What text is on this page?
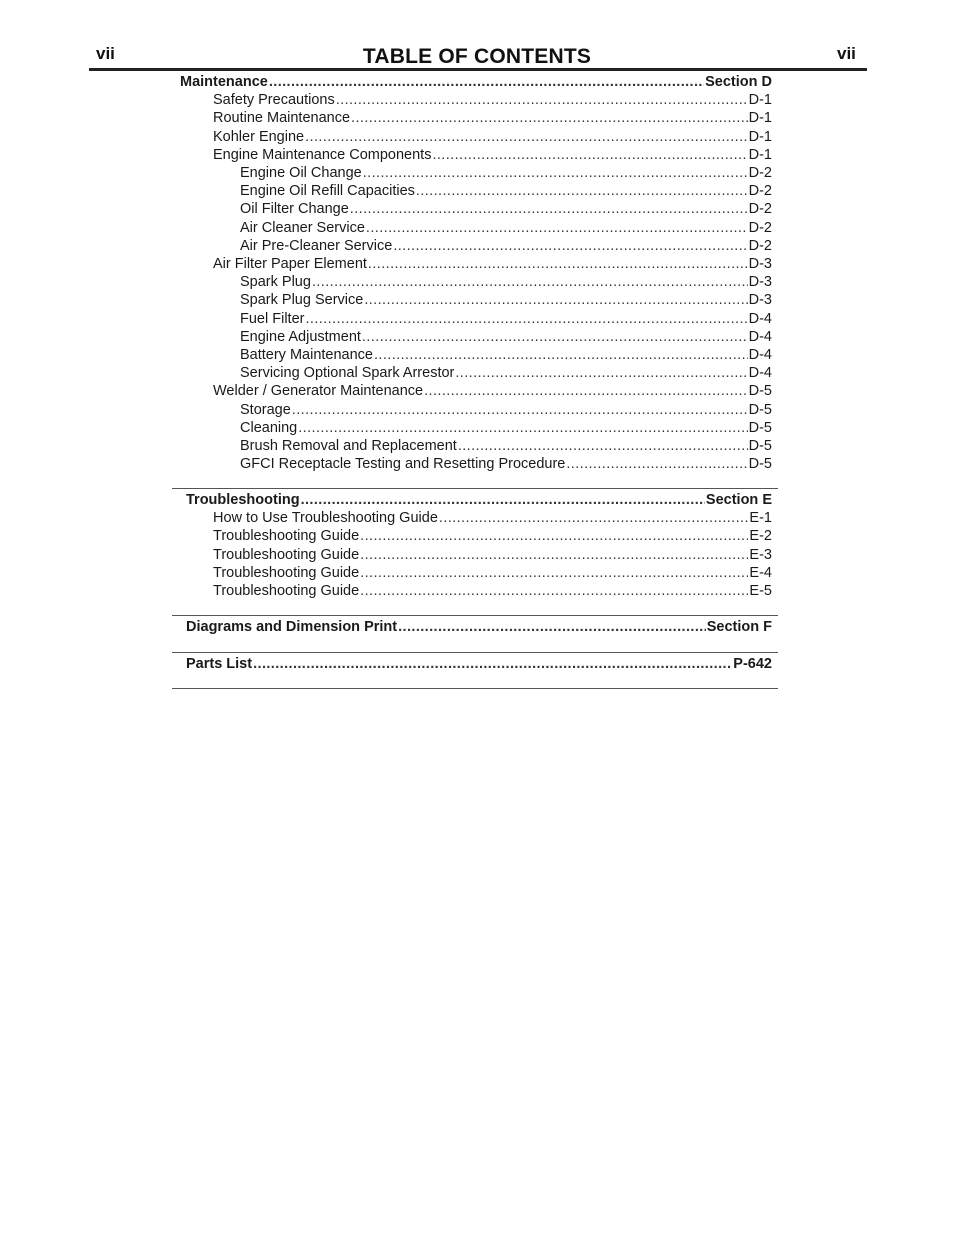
vii	TABLE OF CONTENTS	vii
Maintenance .....	Section D
Safety Precautions .....	D-1
Routine Maintenance .....	D-1
Kohler Engine .....	D-1
Engine Maintenance Components .....	D-1
Engine Oil Change .....	D-2
Engine Oil Refill Capacities .....	D-2
Oil Filter Change .....	D-2
Air Cleaner Service .....	D-2
Air Pre-Cleaner Service .....	D-2
Air Filter Paper Element .....	D-3
Spark Plug .....	D-3
Spark Plug Service .....	D-3
Fuel Filter .....	D-4
Engine Adjustment .....	D-4
Battery Maintenance .....	D-4
Servicing Optional Spark Arrestor .....	D-4
Welder / Generator Maintenance .....	D-5
Storage .....	D-5
Cleaning .....	D-5
Brush Removal and Replacement .....	D-5
GFCI Receptacle Testing and Resetting Procedure .....	D-5
Troubleshooting .....	Section E
How to Use Troubleshooting Guide .....	E-1
Troubleshooting Guide .....	E-2
Troubleshooting Guide .....	E-3
Troubleshooting Guide .....	E-4
Troubleshooting Guide .....	E-5
Diagrams and Dimension Print .....	Section F
Parts List .....	P-642
